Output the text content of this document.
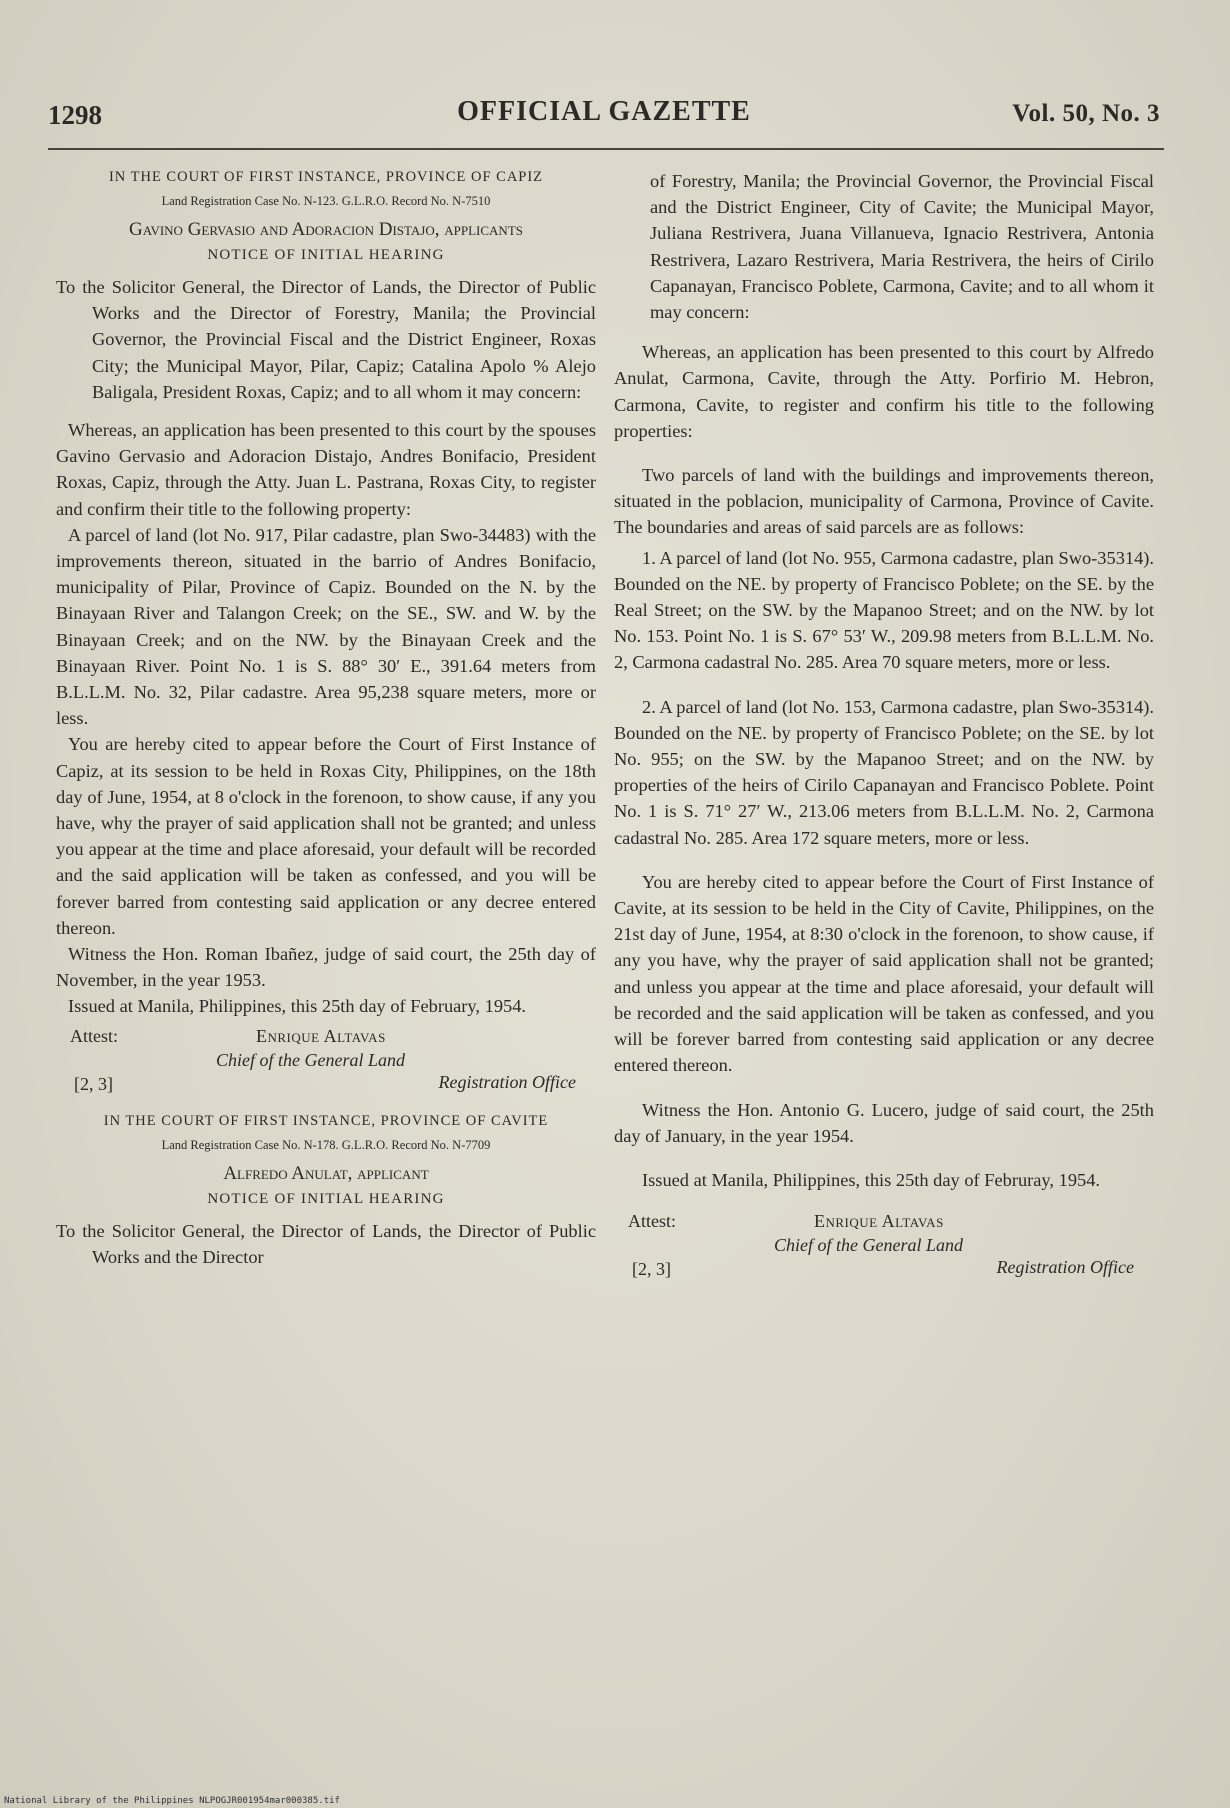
1298	OFFICIAL GAZETTE	Vol. 50, No. 3

IN THE COURT OF FIRST INSTANCE, PROVINCE OF CAPIZ

Land Registration Case No. N-123. G.L.R.O. Record No. N-7510

Gavino Gervasio and Adoracion Distajo, applicants

NOTICE OF INITIAL HEARING

To the Solicitor General, the Director of Lands, the Director of Public Works and the Director of Forestry, Manila; the Provincial Governor, the Provincial Fiscal and the District Engineer, Roxas City; the Municipal Mayor, Pilar, Capiz; Catalina Apolo % Alejo Baligala, President Roxas, Capiz; and to all whom it may concern:

Whereas, an application has been presented to this court by the spouses Gavino Gervasio and Adoracion Distajo, Andres Bonifacio, President Roxas, Capiz, through the Atty. Juan L. Pastrana, Roxas City, to register and confirm their title to the following property:

A parcel of land (lot No. 917, Pilar cadastre, plan Swo-34483) with the improvements thereon, situated in the barrio of Andres Bonifacio, municipality of Pilar, Province of Capiz. Bounded on the N. by the Binayaan River and Talangon Creek; on the SE., SW. and W. by the Binayaan Creek; and on the NW. by the Binayaan Creek and the Binayaan River. Point No. 1 is S. 88° 30′ E., 391.64 meters from B.L.L.M. No. 32, Pilar cadastre. Area 95,238 square meters, more or less.

You are hereby cited to appear before the Court of First Instance of Capiz, at its session to be held in Roxas City, Philippines, on the 18th day of June, 1954, at 8 o'clock in the forenoon, to show cause, if any you have, why the prayer of said application shall not be granted; and unless you appear at the time and place aforesaid, your default will be recorded and the said application will be taken as confessed, and you will be forever barred from contesting said application or any decree entered thereon.

Witness the Hon. Roman Ibañez, judge of said court, the 25th day of November, in the year 1953.

Issued at Manila, Philippines, this 25th day of February, 1954.

Attest:	Enrique Altavas
Chief of the General Land
Registration Office
[2, 3]

IN THE COURT OF FIRST INSTANCE, PROVINCE OF CAVITE

Land Registration Case No. N-178. G.L.R.O. Record No. N-7709

Alfredo Anulat, applicant

NOTICE OF INITIAL HEARING

To the Solicitor General, the Director of Lands, the Director of Public Works and the Director

of Forestry, Manila; the Provincial Governor, the Provincial Fiscal and the District Engineer, City of Cavite; the Municipal Mayor, Juliana Restrivera, Juana Villanueva, Ignacio Restrivera, Antonia Restrivera, Lazaro Restrivera, Maria Restrivera, the heirs of Cirilo Capanayan, Francisco Poblete, Carmona, Cavite; and to all whom it may concern:

Whereas, an application has been presented to this court by Alfredo Anulat, Carmona, Cavite, through the Atty. Porfirio M. Hebron, Carmona, Cavite, to register and confirm his title to the following properties:

Two parcels of land with the buildings and improvements thereon, situated in the poblacion, municipality of Carmona, Province of Cavite. The boundaries and areas of said parcels are as follows:

1. A parcel of land (lot No. 955, Carmona cadastre, plan Swo-35314). Bounded on the NE. by property of Francisco Poblete; on the SE. by the Real Street; on the SW. by the Mapanoo Street; and on the NW. by lot No. 153. Point No. 1 is S. 67° 53′ W., 209.98 meters from B.L.L.M. No. 2, Carmona cadastral No. 285. Area 70 square meters, more or less.

2. A parcel of land (lot No. 153, Carmona cadastre, plan Swo-35314). Bounded on the NE. by property of Francisco Poblete; on the SE. by lot No. 955; on the SW. by the Mapanoo Street; and on the NW. by properties of the heirs of Cirilo Capanayan and Francisco Poblete. Point No. 1 is S. 71° 27′ W., 213.06 meters from B.L.L.M. No. 2, Carmona cadastral No. 285. Area 172 square meters, more or less.

You are hereby cited to appear before the Court of First Instance of Cavite, at its session to be held in the City of Cavite, Philippines, on the 21st day of June, 1954, at 8:30 o'clock in the forenoon, to show cause, if any you have, why the prayer of said application shall not be granted; and unless you appear at the time and place aforesaid, your default will be recorded and the said application will be taken as confessed, and you will be forever barred from contesting said application or any decree entered thereon.

Witness the Hon. Antonio G. Lucero, judge of said court, the 25th day of January, in the year 1954.

Issued at Manila, Philippines, this 25th day of Februray, 1954.

Attest:	Enrique Altavas
Chief of the General Land
Registration Office
[2, 3]
National Library of the Philippines NLPOGJR001954mar000385.tif
